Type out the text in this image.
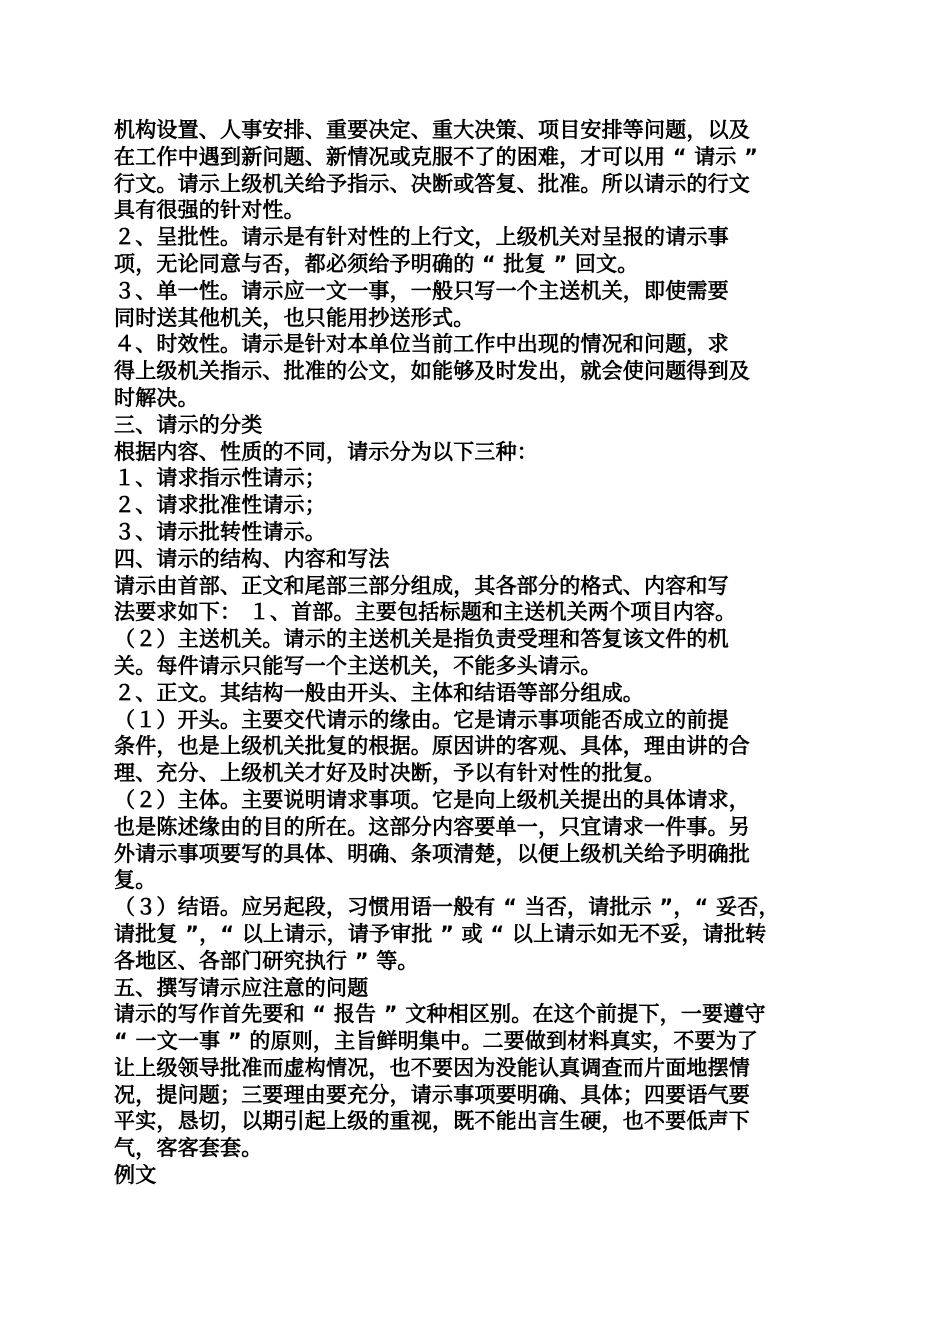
机构设置、人事安排、重要决定、重大决策、项目安排等问题，以及
在工作中遇到新问题、新情况或克服不了的困难，才可以用 “ 请示 ”
行文。请示上级机关给予指示、决断或答复、批准。所以请示的行文
具有很强的针对性。
２、呈批性。请示是有针对性的上行文，上级机关对呈报的请示事
项，无论同意与否，都必须给予明确的 “ 批复 ” 回文。
３、单一性。请示应一文一事，一般只写一个主送机关，即使需要
同时送其他机关，也只能用抄送形式。
４、时效性。请示是针对本单位当前工作中出现的情况和问题，求
得上级机关指示、批准的公文，如能够及时发出，就会使问题得到及
时解决。
三、请示的分类
根据内容、性质的不同，请示分为以下三种：
１、请求指示性请示；
２、请求批准性请示；
３、请示批转性请示。
四、请示的结构、内容和写法
请示由首部、正文和尾部三部分组成，其各部分的格式、内容和写
法要求如下： １、首部。主要包括标题和主送机关两个项目内容。
（２）主送机关。请示的主送机关是指负责受理和答复该文件的机
关。每件请示只能写一个主送机关，不能多头请示。
２、正文。其结构一般由开头、主体和结语等部分组成。
（１）开头。主要交代请示的缘由。它是请示事项能否成立的前提
条件，也是上级机关批复的根据。原因讲的客观、具体，理由讲的合
理、充分、上级机关才好及时决断，予以有针对性的批复。
（２）主体。主要说明请求事项。它是向上级机关提出的具体请求，
也是陈述缘由的目的所在。这部分内容要单一，只宜请求一件事。另
外请示事项要写的具体、明确、条项清楚，以便上级机关给予明确批
复。
（３）结语。应另起段，习惯用语一般有 “ 当否，请批示 ”，“ 妥否，
请批复 ”，“ 以上请示，请予审批 ” 或 “ 以上请示如无不妥，请批转
各地区、各部门研究执行 ” 等。
五、撰写请示应注意的问题
请示的写作首先要和 “ 报告 ” 文种相区别。在这个前提下，一要遵守
“ 一文一事 ” 的原则，主旨鲜明集中。二要做到材料真实，不要为了
让上级领导批准而虚构情况，也不要因为没能认真调查而片面地摆情
况，提问题；三要理由要充分，请示事项要明确、具体；四要语气要
平实，恳切，以期引起上级的重视，既不能出言生硬，也不要低声下
气，客客套套。
例文
